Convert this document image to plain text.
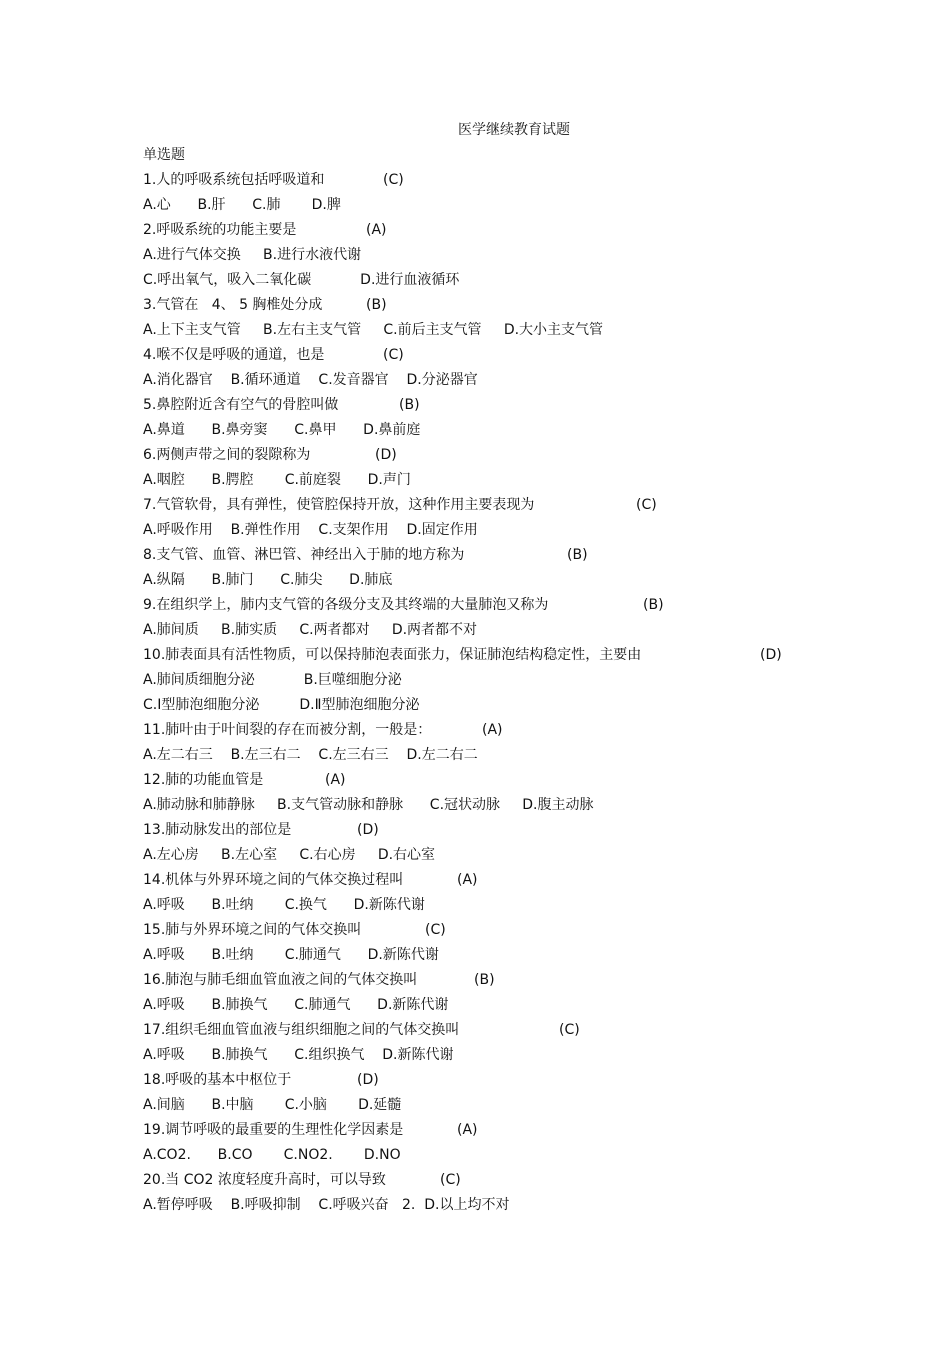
医学继续教育试题
单选题
1.人的呼吸系统包括呼吸道和	(C)
A.心      B.肝      C.肺       D.脾
2.呼吸系统的功能主要是	(A)
A.进行气体交换     B.进行水液代谢
C.呼出氧气，吸入二氧化碳           D.进行血液循环
3.气管在   4、 5 胸椎处分成	(B)
A.上下主支气管     B.左右主支气管     C.前后主支气管     D.大小主支气管
4.喉不仅是呼吸的通道，也是	(C)
A.消化器官    B.循环通道    C.发音器官    D.分泌器官
5.鼻腔附近含有空气的骨腔叫做	(B)
A.鼻道      B.鼻旁窦      C.鼻甲      D.鼻前庭
6.两侧声带之间的裂隙称为	(D)
A.咽腔      B.腭腔       C.前庭裂      D.声门
7.气管软骨，具有弹性，使管腔保持开放，这种作用主要表现为	(C)
A.呼吸作用    B.弹性作用    C.支架作用    D.固定作用
8.支气管、血管、淋巴管、神经出入于肺的地方称为	(B)
A.纵隔      B.肺门      C.肺尖      D.肺底
9.在组织学上，肺内支气管的各级分支及其终端的大量肺泡又称为	(B)
A.肺间质     B.肺实质     C.两者都对     D.两者都不对
10.肺表面具有活性物质，可以保持肺泡表面张力，保证肺泡结构稳定性，主要由	(D)
A.肺间质细胞分泌           B.巨噬细胞分泌
C.Ⅰ型肺泡细胞分泌         D.Ⅱ型肺泡细胞分泌
11.肺叶由于叶间裂的存在而被分割，一般是：	(A)
A.左二右三    B.左三右二    C.左三右三    D.左二右二
12.肺的功能血管是	(A)
A.肺动脉和肺静脉     B.支气管动脉和静脉      C.冠状动脉     D.腹主动脉
13.肺动脉发出的部位是	(D)
A.左心房     B.左心室     C.右心房     D.右心室
14.机体与外界环境之间的气体交换过程叫	(A)
A.呼吸      B.吐纳       C.换气      D.新陈代谢
15.肺与外界环境之间的气体交换叫	(C)
A.呼吸      B.吐纳       C.肺通气      D.新陈代谢
16.肺泡与肺毛细血管血液之间的气体交换叫	(B)
A.呼吸      B.肺换气      C.肺通气      D.新陈代谢
17.组织毛细血管血液与组织细胞之间的气体交换叫	(C)
A.呼吸      B.肺换气      C.组织换气    D.新陈代谢
18.呼吸的基本中枢位于	(D)
A.间脑      B.中脑       C.小脑       D.延髓
19.调节呼吸的最重要的生理性化学因素是	(A)
A.CO2.      B.CO       C.NO2.       D.NO
20.当 CO2 浓度轻度升高时，可以导致	(C)
A.暂停呼吸    B.呼吸抑制    C.呼吸兴奋   2.  D.以上均不对
